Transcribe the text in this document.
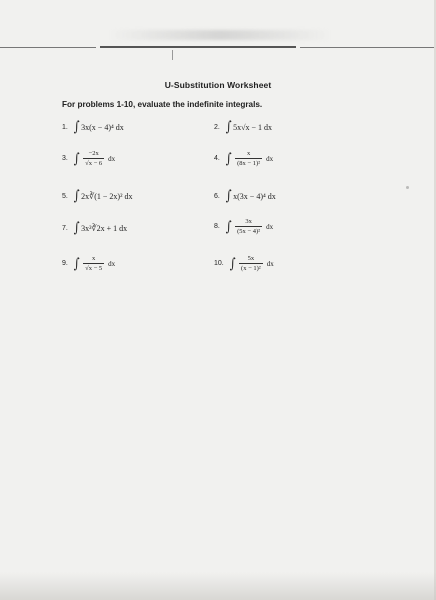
U-Substitution Worksheet
For problems 1-10, evaluate the indefinite integrals.
1. ∫ 3x(x − 4)⁴ dx	2. ∫ 5x√x − 1 dx
3. ∫ $\frac{-2x}{√x - 6}$ dx	4. ∫ $\frac{x}{\text{(8x − 1)²}}$ dx
5. ∫ 2x∛(1 − 2x)² dx	6. ∫ x(3x − 4)⁴ dx
7. ∫ 3x²∛2x + 1 dx	8. ∫ $\frac{3x}{\text{(5x − 4)²}}$ dx
9. ∫ $\frac{x}{√x - 5}$ dx	10. ∫ $\frac{5x}{\text{(x − 1)²}}$ dx
